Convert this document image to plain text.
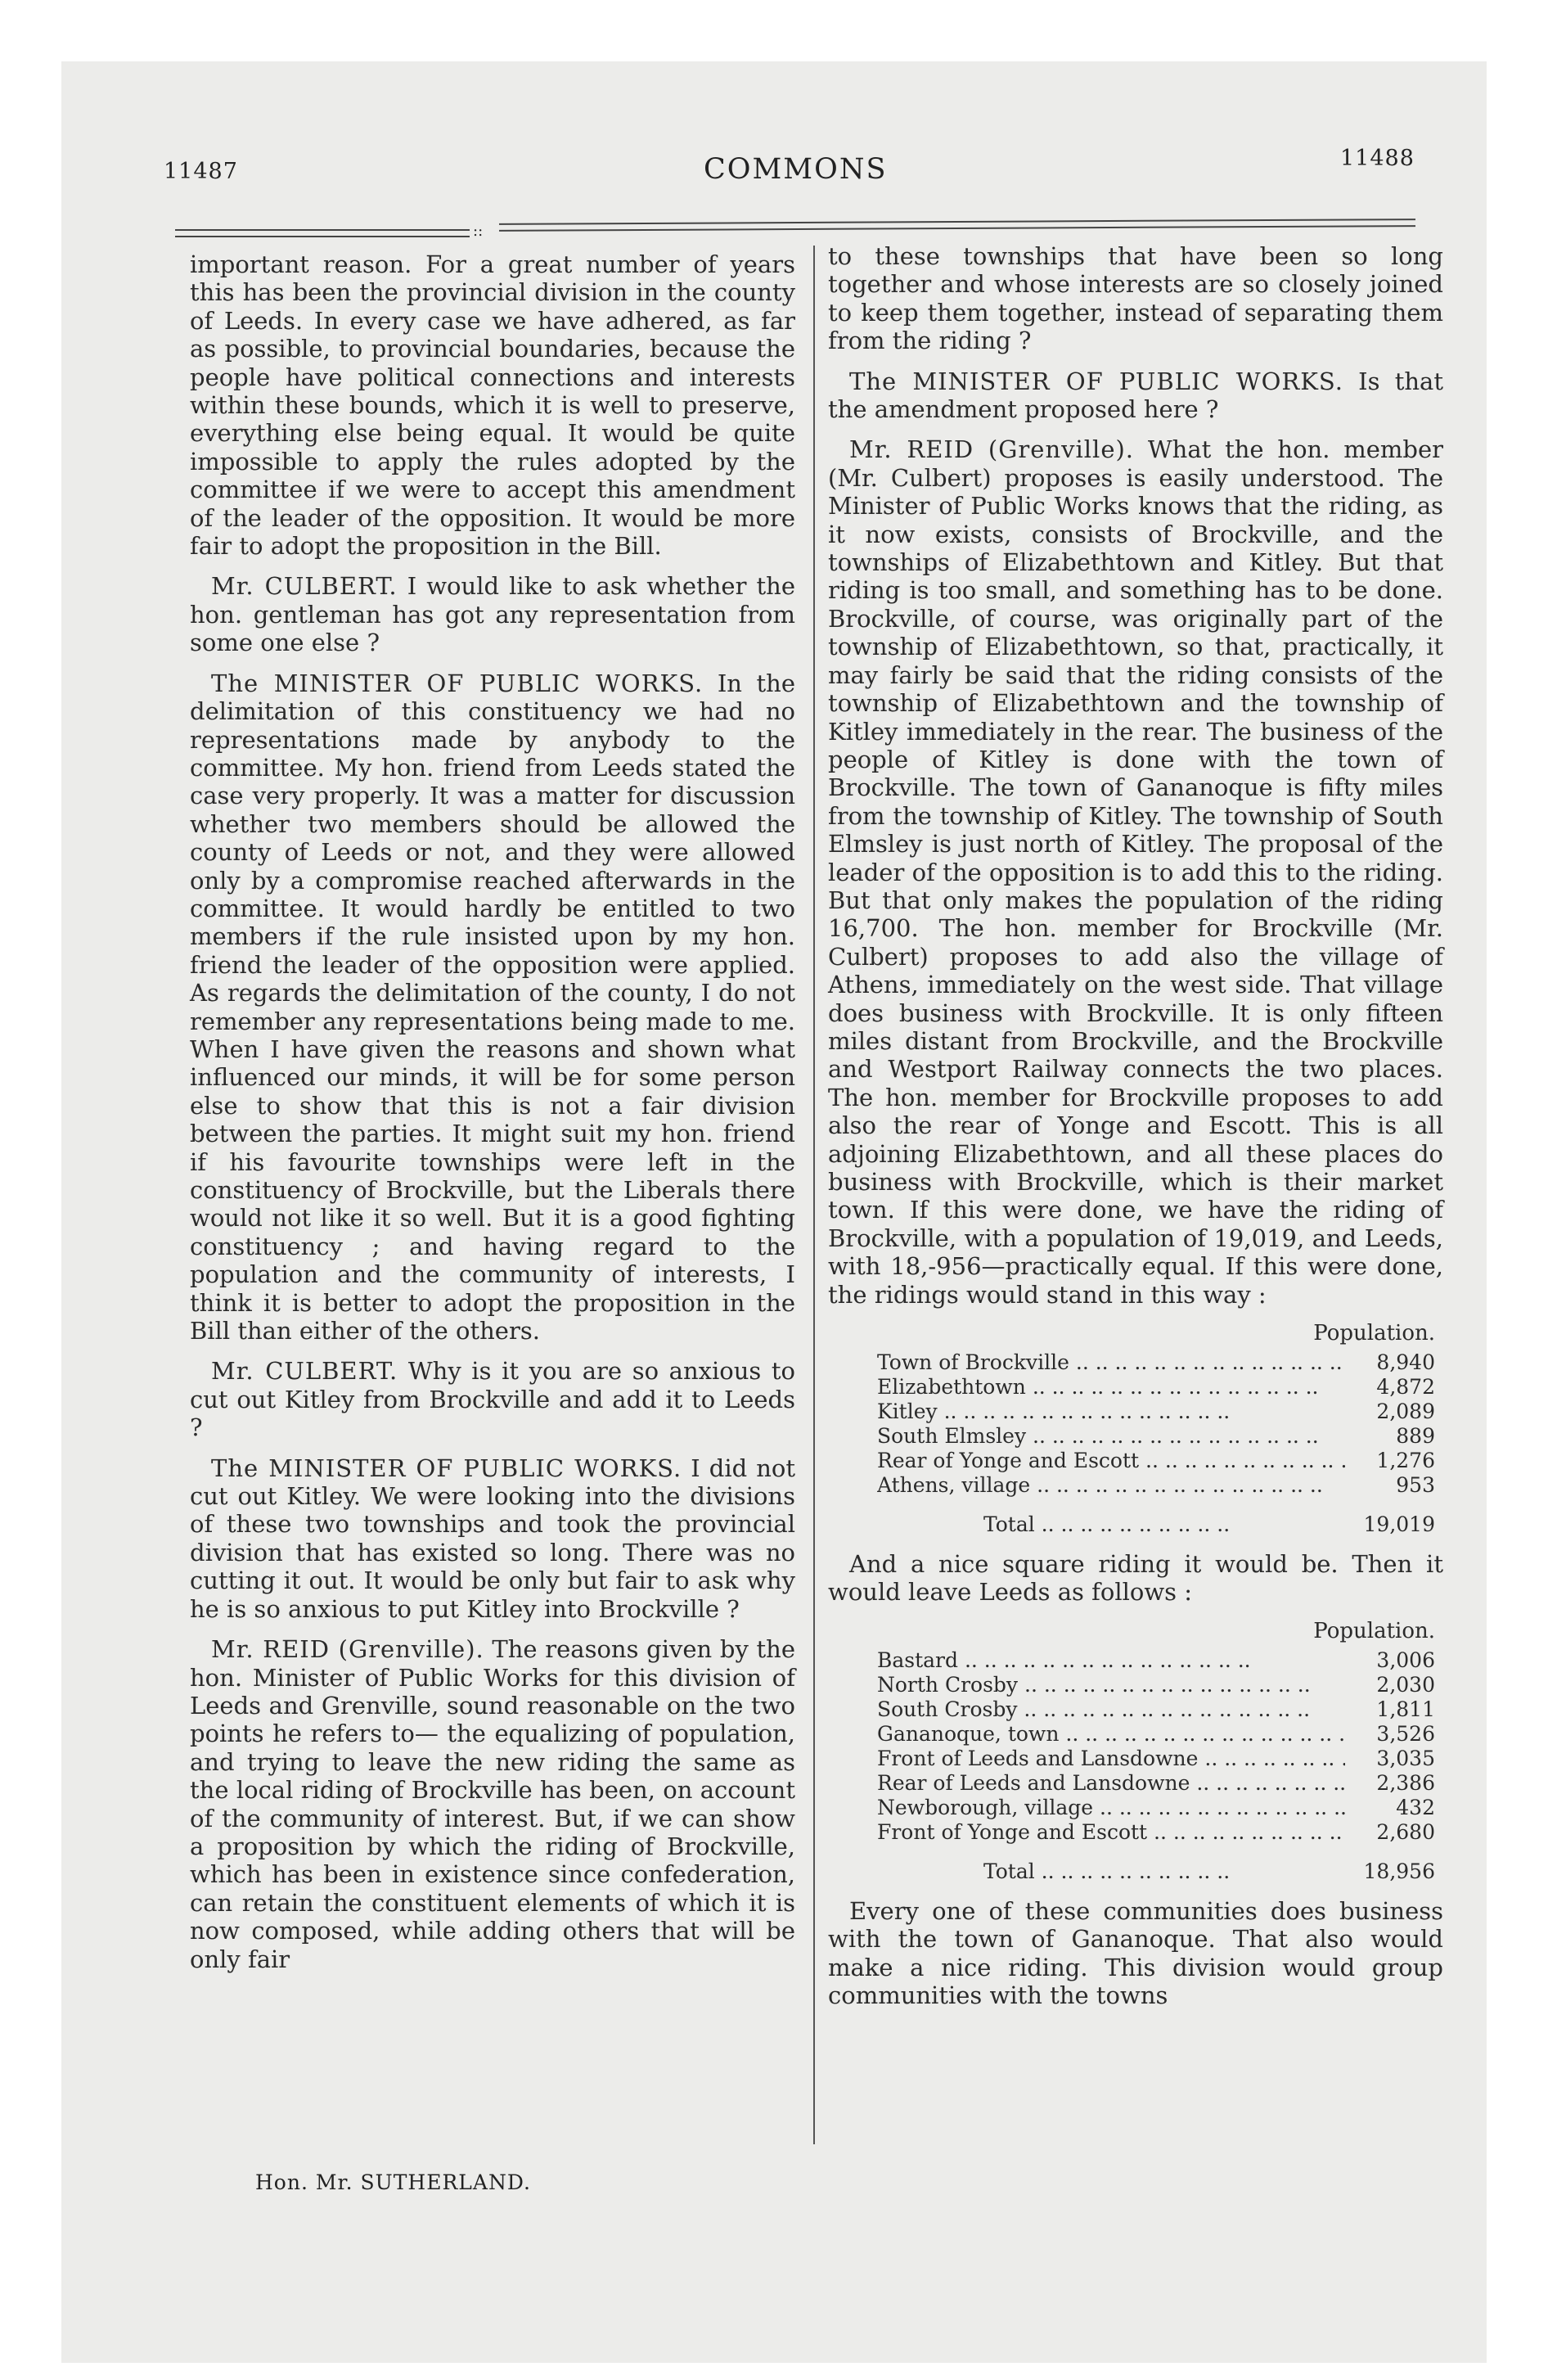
11487	COMMONS	11488
::

important reason. For a great number of years this has been the provincial division in the county of Leeds. In every case we have adhered, as far as possible, to provincial boundaries, because the people have political connections and interests within these bounds, which it is well to preserve, everything else being equal. It would be quite impossible to apply the rules adopted by the committee if we were to accept this amendment of the leader of the opposition. It would be more fair to adopt the proposition in the Bill.

Mr. CULBERT. I would like to ask whether the hon. gentleman has got any representation from some one else ?

The MINISTER OF PUBLIC WORKS. In the delimitation of this constituency we had no representations made by anybody to the committee. My hon. friend from Leeds stated the case very properly. It was a matter for discussion whether two members should be allowed the county of Leeds or not, and they were allowed only by a compromise reached afterwards in the committee. It would hardly be entitled to two members if the rule insisted upon by my hon. friend the leader of the opposition were applied. As regards the delimitation of the county, I do not remember any representations being made to me. When I have given the reasons and shown what influenced our minds, it will be for some person else to show that this is not a fair division between the parties. It might suit my hon. friend if his favourite townships were left in the constituency of Brockville, but the Liberals there would not like it so well. But it is a good fighting constituency ; and having regard to the population and the community of interests, I think it is better to adopt the proposition in the Bill than either of the others.

Mr. CULBERT. Why is it you are so anxious to cut out Kitley from Brockville and add it to Leeds ?

The MINISTER OF PUBLIC WORKS. I did not cut out Kitley. We were looking into the divisions of these two townships and took the provincial division that has existed so long. There was no cutting it out. It would be only but fair to ask why he is so anxious to put Kitley into Brockville ?

Mr. REID (Grenville). The reasons given by the hon. Minister of Public Works for this division of Leeds and Grenville, sound reasonable on the two points he refers to— the equalizing of population, and trying to leave the new riding the same as the local riding of Brockville has been, on account of the community of interest. But, if we can show a proposition by which the riding of Brockville, which has been in existence since confederation, can retain the constituent elements of which it is now composed, while adding others that will be only fair

to these townships that have been so long together and whose interests are so closely joined to keep them together, instead of separating them from the riding ?

The MINISTER OF PUBLIC WORKS. Is that the amendment proposed here ?

Mr. REID (Grenville). What the hon. member (Mr. Culbert) proposes is easily understood. The Minister of Public Works knows that the riding, as it now exists, consists of Brockville, and the townships of Elizabethtown and Kitley. But that riding is too small, and something has to be done. Brockville, of course, was originally part of the township of Elizabethtown, so that, practically, it may fairly be said that the riding consists of the township of Elizabethtown and the township of Kitley immediately in the rear. The business of the people of Kitley is done with the town of Brockville. The town of Gananoque is fifty miles from the township of Kitley. The township of South Elmsley is just north of Kitley. The proposal of the leader of the opposition is to add this to the riding. But that only makes the population of the riding 16,700. The hon. member for Brockville (Mr. Culbert) proposes to add also the village of Athens, immediately on the west side. That village does business with Brockville. It is only fifteen miles distant from Brockville, and the Brockville and Westport Railway connects the two places. The hon. member for Brockville proposes to add also the rear of Yonge and Escott. This is all adjoining Elizabethtown, and all these places do business with Brockville, which is their market town. If this were done, we have the riding of Brockville, with a population of 19,019, and Leeds, with 18,-956—practically equal. If this were done, the ridings would stand in this way :

Population.
Town of Brockville .. ..	8,940
Elizabethtown .. ..	4,872
Kitley .. ..	2,089
South Elmsley .. ..	889
Rear of Yonge and Escott .. ..	1,276
Athens, village .. ..	953
Total .. ..	19,019

And a nice square riding it would be. Then it would leave Leeds as follows :

Population.
Bastard .. ..	3,006
North Crosby .. ..	2,030
South Crosby .. ..	1,811
Gananoque, town .. ..	3,526
Front of Leeds and Lansdowne .. ..	3,035
Rear of Leeds and Lansdowne .. ..	2,386
Newborough, village .. ..	432
Front of Yonge and Escott .. ..	2,680
Total .. ..	18,956

Every one of these communities does business with the town of Gananoque. That also would make a nice riding. This division would group communities with the towns

Hon. Mr. SUTHERLAND.
